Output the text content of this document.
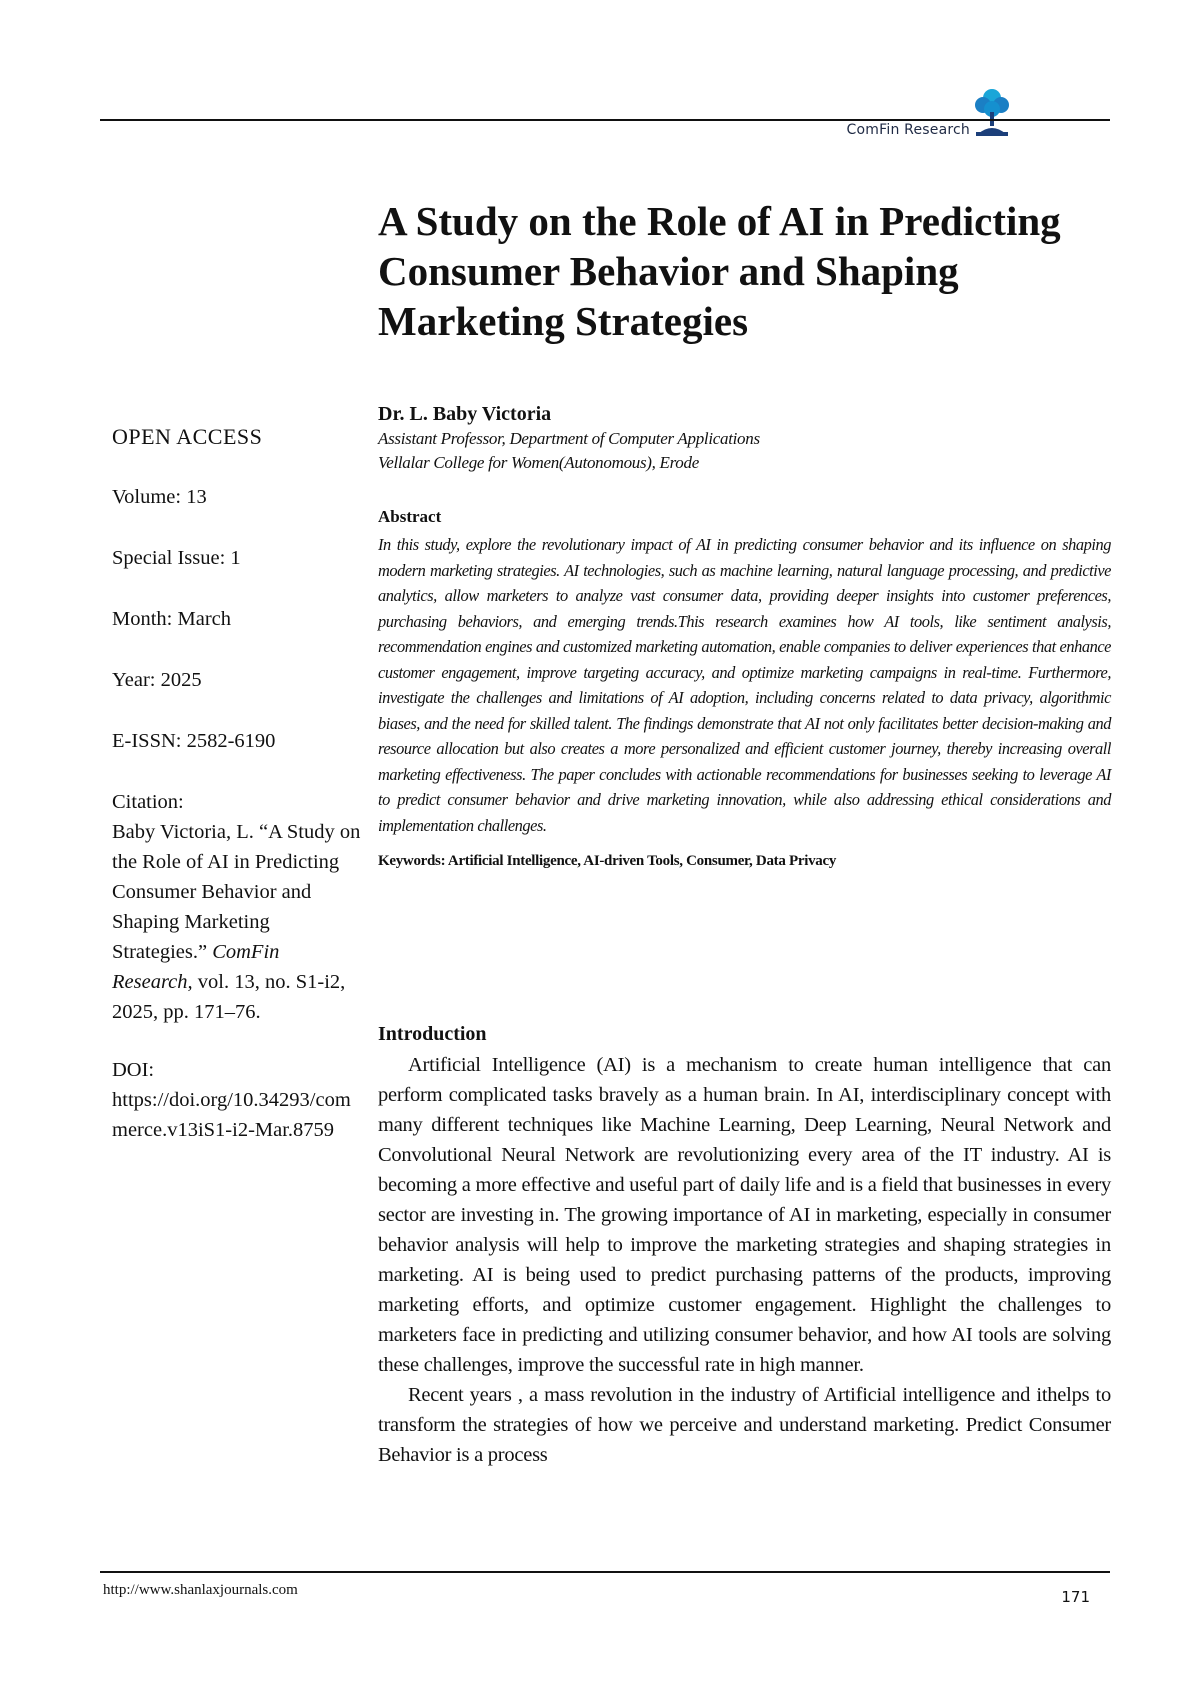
ComFin Research
A Study on the Role of AI in Predicting Consumer Behavior and Shaping Marketing Strategies
Dr. L. Baby Victoria
Assistant Professor, Department of Computer Applications
Vellalar College for Women(Autonomous), Erode
Abstract

In this study, explore the revolutionary impact of AI in predicting consumer behavior and its influence on shaping modern marketing strategies. AI technologies, such as machine learning, natural language processing, and predictive analytics, allow marketers to analyze vast consumer data, providing deeper insights into customer preferences, purchasing behaviors, and emerging trends.This research examines how AI tools, like sentiment analysis, recommendation engines and customized marketing automation, enable companies to deliver experiences that enhance customer engagement, improve targeting accuracy, and optimize marketing campaigns in real-time. Furthermore, investigate the challenges and limitations of AI adoption, including concerns related to data privacy, algorithmic biases, and the need for skilled talent. The findings demonstrate that AI not only facilitates better decision-making and resource allocation but also creates a more personalized and efficient customer journey, thereby increasing overall marketing effectiveness. The paper concludes with actionable recommendations for businesses seeking to leverage AI to predict consumer behavior and drive marketing innovation, while also addressing ethical considerations and implementation challenges.

Keywords: Artificial Intelligence, AI-driven Tools, Consumer, Data Privacy
Introduction

Artificial Intelligence (AI) is a mechanism to create human intelligence that can perform complicated tasks bravely as a human brain. In AI, interdisciplinary concept with many different techniques like Machine Learning, Deep Learning, Neural Network and Convolutional Neural Network are revolutionizing every area of the IT industry. AI is becoming a more effective and useful part of daily life and is a field that businesses in every sector are investing in. The growing importance of AI in marketing, especially in consumer behavior analysis will help to improve the marketing strategies and shaping strategies in marketing. AI is being used to predict purchasing patterns of the products, improving marketing efforts, and optimize customer engagement. Highlight the challenges to marketers face in predicting and utilizing consumer behavior, and how AI tools are solving these challenges, improve the successful rate in high manner.

Recent years , a mass revolution in the industry of Artificial intelligence and ithelps to transform the strategies of how we perceive and understand marketing. Predict Consumer Behavior is a process

OPEN ACCESS
Volume: 13
Special Issue: 1
Month: March
Year: 2025
E-ISSN: 2582-6190
Citation:
Baby Victoria, L. “A Study on the Role of AI in Predicting Consumer Behavior and Shaping Marketing Strategies.” ComFin Research, vol. 13, no. S1-i2, 2025, pp. 171–76.
DOI:
https://doi.org/10.34293/commerce.v13iS1-i2-Mar.8759
http://www.shanlaxjournals.com	171
